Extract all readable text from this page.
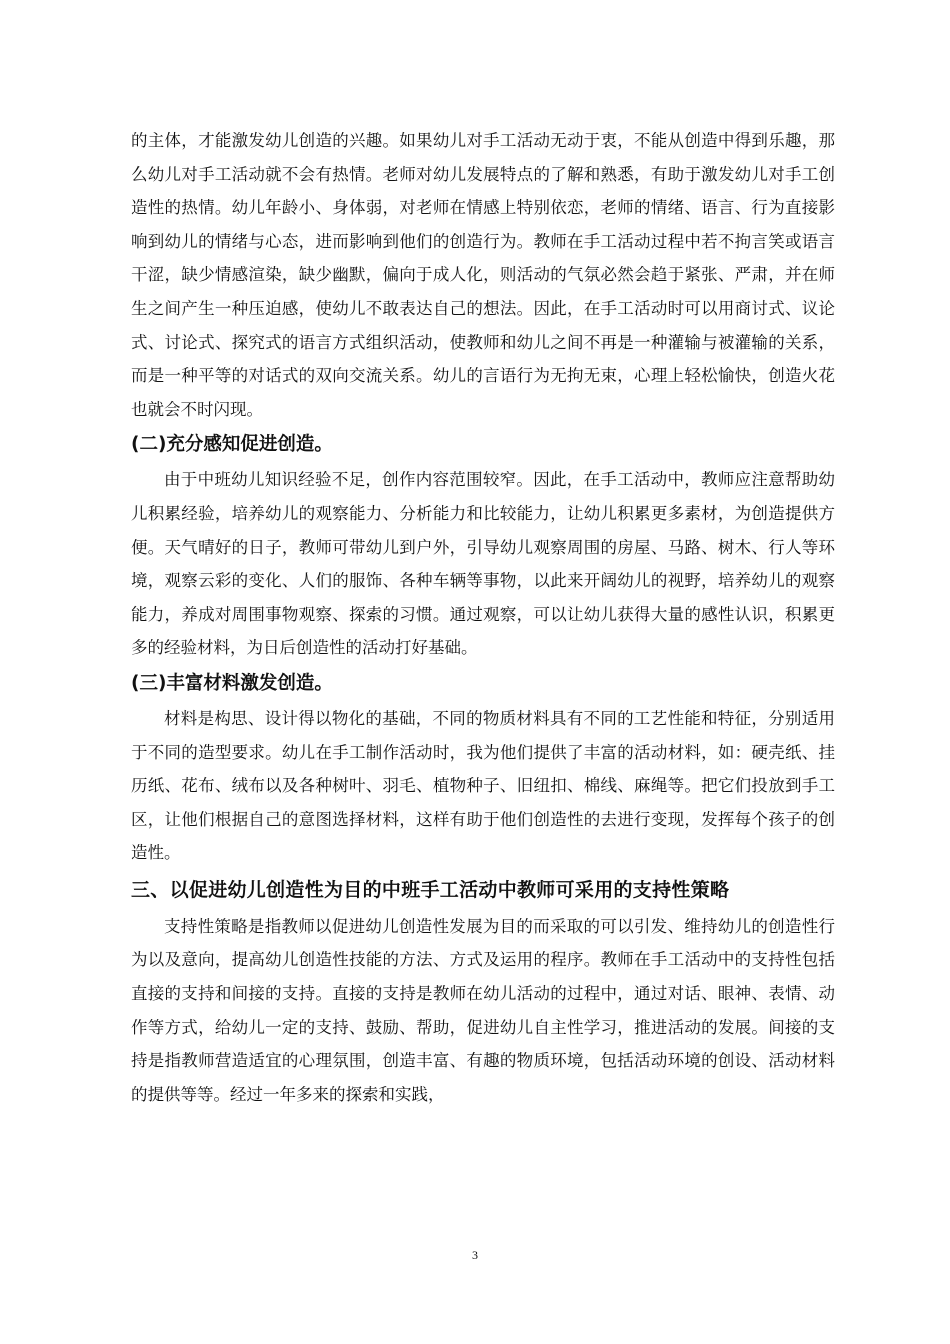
的主体，才能激发幼儿创造的兴趣。如果幼儿对手工活动无动于衷，不能从创造中得到乐趣，那么幼儿对手工活动就不会有热情。老师对幼儿发展特点的了解和熟悉，有助于激发幼儿对手工创造性的热情。幼儿年龄小、身体弱，对老师在情感上特别依恋，老师的情绪、语言、行为直接影响到幼儿的情绪与心态，进而影响到他们的创造行为。教师在手工活动过程中若不拘言笑或语言干涩，缺少情感渲染，缺少幽默，偏向于成人化，则活动的气氛必然会趋于紧张、严肃，并在师生之间产生一种压迫感，使幼儿不敢表达自己的想法。因此，在手工活动时可以用商讨式、议论式、讨论式、探究式的语言方式组织活动，使教师和幼儿之间不再是一种灌输与被灌输的关系，而是一种平等的对话式的双向交流关系。幼儿的言语行为无拘无束，心理上轻松愉快，创造火花也就会不时闪现。

(二)充分感知促进创造。

由于中班幼儿知识经验不足，创作内容范围较窄。因此，在手工活动中，教师应注意帮助幼儿积累经验，培养幼儿的观察能力、分析能力和比较能力，让幼儿积累更多素材，为创造提供方便。天气晴好的日子，教师可带幼儿到户外，引导幼儿观察周围的房屋、马路、树木、行人等环境，观察云彩的变化、人们的服饰、各种车辆等事物，以此来开阔幼儿的视野，培养幼儿的观察能力，养成对周围事物观察、探索的习惯。通过观察，可以让幼儿获得大量的感性认识，积累更多的经验材料，为日后创造性的活动打好基础。

(三)丰富材料激发创造。

材料是构思、设计得以物化的基础，不同的物质材料具有不同的工艺性能和特征，分别适用于不同的造型要求。幼儿在手工制作活动时，我为他们提供了丰富的活动材料，如：硬壳纸、挂历纸、花布、绒布以及各种树叶、羽毛、植物种子、旧纽扣、棉线、麻绳等。把它们投放到手工区，让他们根据自己的意图选择材料，这样有助于他们创造性的去进行变现，发挥每个孩子的创造性。

三、以促进幼儿创造性为目的中班手工活动中教师可采用的支持性策略

支持性策略是指教师以促进幼儿创造性发展为目的而采取的可以引发、维持幼儿的创造性行为以及意向，提高幼儿创造性技能的方法、方式及运用的程序。教师在手工活动中的支持性包括直接的支持和间接的支持。直接的支持是教师在幼儿活动的过程中，通过对话、眼神、表情、动作等方式，给幼儿一定的支持、鼓励、帮助，促进幼儿自主性学习，推进活动的发展。间接的支持是指教师营造适宜的心理氛围，创造丰富、有趣的物质环境，包括活动环境的创设、活动材料的提供等等。经过一年多来的探索和实践，

3
